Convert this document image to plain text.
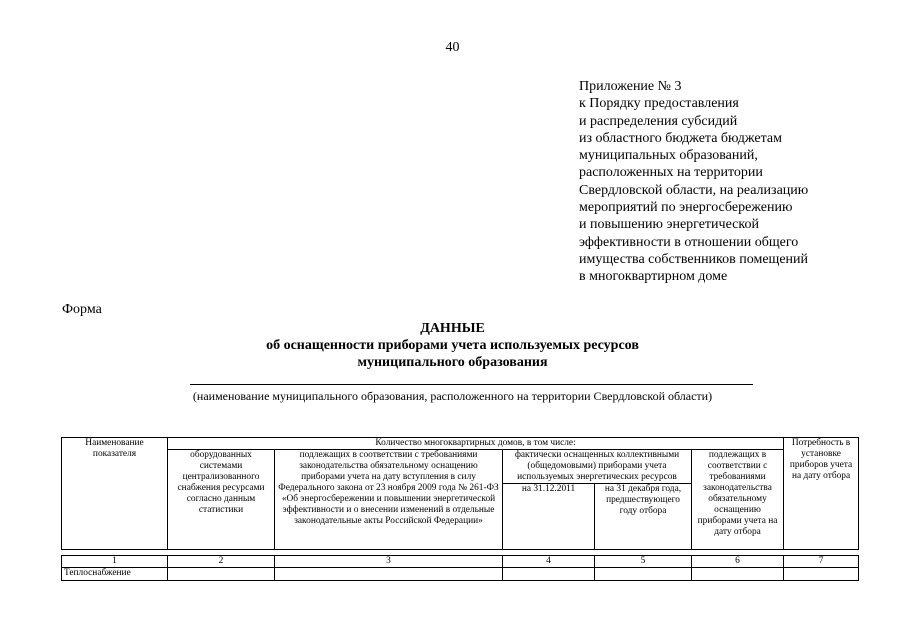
40
Приложение № 3
к Порядку предоставления
и распределения субсидий
из областного бюджета бюджетам
муниципальных образований,
расположенных на территории
Свердловской области, на реализацию
мероприятий по энергосбережению
и повышению энергетической
эффективности в отношении общего
имущества собственников помещений
в многоквартирном доме
Форма
ДАННЫЕ
об оснащенности приборами учета используемых ресурсов
муниципального образования
(наименование муниципального образования, расположенного на территории Свердловской области)
Наименование показателя	Количество многоквартирных домов, в том числе:					Потребность в установке приборов учета на дату отбора
	оборудованных системами централизованного снабжения ресурсами согласно данным статистики	подлежащих в соответствии с требованиями законодательства обязательному оснащению приборами учета на дату вступления в силу Федерального закона от 23 ноября 2009 года № 261-ФЗ «Об энергосбережении и повышении энергетической эффективности и о внесении изменений в отдельные законодательные акты Российской Федерации»	фактически оснащенных коллективными (общедомовыми) приборами учета используемых энергетических ресурсов		подлежащих в соответствии с требованиями законодательства обязательному оснащению приборами учета на дату отбора	
			на 31.12.2011	на 31 декабря года, предшествующего году отбора		

1	2	3	4	5	6	7
Теплоснабжение						
